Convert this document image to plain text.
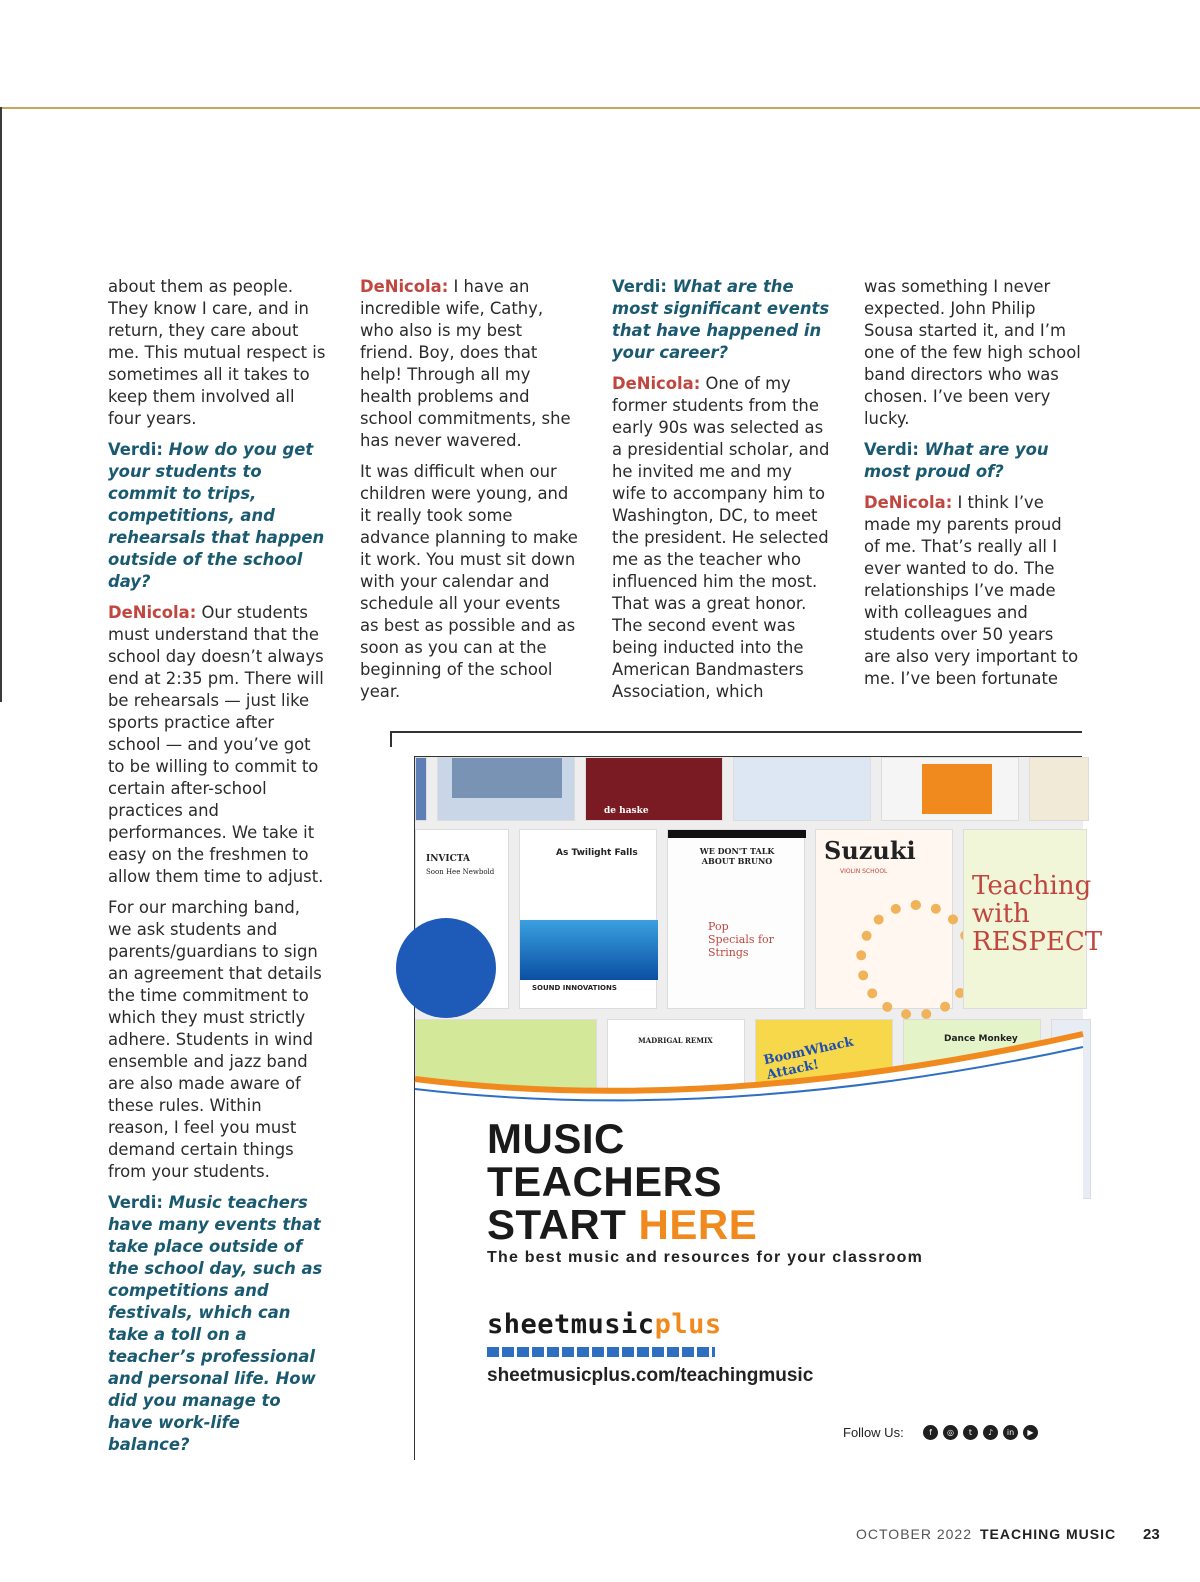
about them as people. They know I care, and in return, they care about me. This mutual respect is sometimes all it takes to keep them involved all four years.

Verdi: How do you get your students to commit to trips, competitions, and rehearsals that happen outside of the school day?

DeNicola: Our students must understand that the school day doesn’t always end at 2:35 pm. There will be rehearsals — just like sports practice after school — and you’ve got to be willing to commit to certain after-school practices and performances. We take it easy on the freshmen to allow them time to adjust.

For our marching band, we ask students and parents/guardians to sign an agreement that details the time commitment to which they must strictly adhere. Students in wind ensemble and jazz band are also made aware of these rules. Within reason, I feel you must demand certain things from your students.

Verdi: Music teachers have many events that take place outside of the school day, such as competitions and festivals, which can take a toll on a teacher’s professional and personal life. How did you manage to have work-life balance?

DeNicola: I have an incredible wife, Cathy, who also is my best friend. Boy, does that help! Through all my health problems and school commitments, she has never wavered.

It was difficult when our children were young, and it really took some advance planning to make it work. You must sit down with your calendar and schedule all your events as best as possible and as soon as you can at the beginning of the school year.

Verdi: What are the most significant events that have happened in your career?

DeNicola: One of my former students from the early 90s was selected as a presidential scholar, and he invited me and my wife to accompany him to Washington, DC, to meet the president. He selected me as the teacher who influenced him the most. That was a great honor. The second event was being inducted into the American Bandmasters Association, which

was something I never expected. John Philip Sousa started it, and I’m one of the few high school band directors who was chosen. I’ve been very lucky.

Verdi: What are you most proud of?

DeNicola: I think I’ve made my parents proud of me. That’s really all I ever wanted to do. The relationships I’ve made with colleagues and students over 50 years are also very important to me. I’ve been fortunate

de haske
INVICTA
Soon Hee Newbold
As Twilight Falls
SOUND INNOVATIONS
WE DON'T TALK ABOUT BRUNO
Pop Specials for Strings
Suzuki
VIOLIN SCHOOL	Teaching with RESPECT
MADRIGAL REMIX	BoomWhack Attack!
Dance Monkey
MUSIC
TEACHERS
START HERE
The best music and resources for your classroom
sheetmusicplus
sheetmusicplus.com/teachingmusic
Follow Us:	f	◎	t	♪	in	▶
OCTOBER 2022 TEACHING MUSIC 23
